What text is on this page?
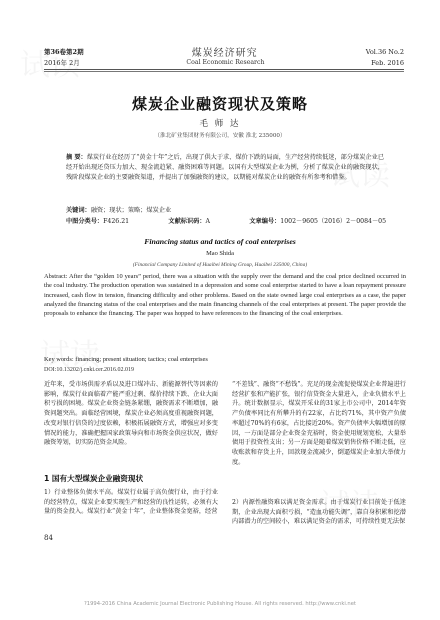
第36卷第2期	煤炭经济研究	Vol.36 No.2
2016年 2月	Coal Economic Research	Feb. 2016
煤炭企业融资现状及策略
毛 师 达
（淮北矿业集团财务有限公司，安徽 淮北 235000）
摘 要：煤炭行业在经历了“黄金十年”之后，出现了供大于求、煤价下跌的局面，生产经营持续低迷，部分煤炭企业已经开始出现还贷压力加大、现金流趋紧、融资困难等问题。以国有大型煤炭企业为例，分析了煤炭企业的融资现状，残阶段煤炭企业的主要融资渠道，并提出了加强融资的建议，以期能对煤炭企业的融资有所参考和借鉴。
关键词：融资；现状；策略；煤炭企业
中图分类号：F426.21	文献标识码：A	文章编号：1002－9605（2016）2－0084－05
Financing status and tactics of coal enterprises
Mao Shida
(Financial Company Limited of Huaibei Mining Group, Huaibei 235000, China)
Abstract: After the “golden 10 years” period, there was a situation with the supply over the demand and the coal price declined occurred in the coal industry. The production operation was sustained in a depression and some coal enterprise started to have a loan repayment pressure increased, cash flow in tension, financing difficulty and other problems. Based on the state owned large coal enterprises as a case, the paper analyzed the financing status of the coal enterprises and the main financing channels of the coal enterprises at present. The paper provide the proposals to enhance the financing. The paper was hopped to have references to the financing of the coal enterprises.
Key words: financing; present situation; tactics; coal enterprises
DOI:10.13202/j.cnki.cer.2016.02.019
近年来，受市场供需矛盾以及进口煤冲击、新能源替代等因素的影响，煤炭行业面临着产能严重过剩、煤价持续下跌、企业大面积亏损的困境。煤炭企业资金链条紧绷，融资需求不断增加，融资问题突出。面临经营困境，煤炭企业必须高度重视融资问题，改变对银行信贷的过度依赖，积极拓展融资方式，增强应对多变情况的能力，准确把握国家政策导向和市场资金供应状况，做好融资筹划，切实防范资金风险。
1 国有大型煤炭企业融资现状
1）行业整体负债水平高。煤炭行业属于高负债行业，由于行业的经营特点，煤炭企业要实现生产和经营的良性运转，必须有大量的资金投入。煤炭行业“黄金十年”，企业整体资金宽裕，经营
“不差钱”、融资“不愁钱”。充足的现金流促使煤炭企业普遍进行经营扩张和产能扩张，银行信贷资金大量进入，企业负债水平上升。统计数据显示，煤炭开采业的31家上市公司中，2014年资产负债率同比有所攀升的有22家，占比约71%，其中资产负债率超过70%的有6家，占比接近20%。资产负债率大幅增加的原因，一方面是部分企业资金充裕时，资金使用规划宽松，大量举债用于投资性支出；另一方面是随着煤炭销售价格不断走低，应收账款和存货上升，回款现金流减少，倒逼煤炭企业加大举债力度。
2）内源性融资难以满足资金需求。由于煤炭行业目前处于低迷期，企业出现大面积亏损，“造血功能失调”，靠自身积累和挖潜内部潜力的空间较小，难以满足资金的需求，可持续性更无法保
84
?1994-2016 China Academic Journal Electronic Publishing House. All rights reserved. http://www.cnki.net
